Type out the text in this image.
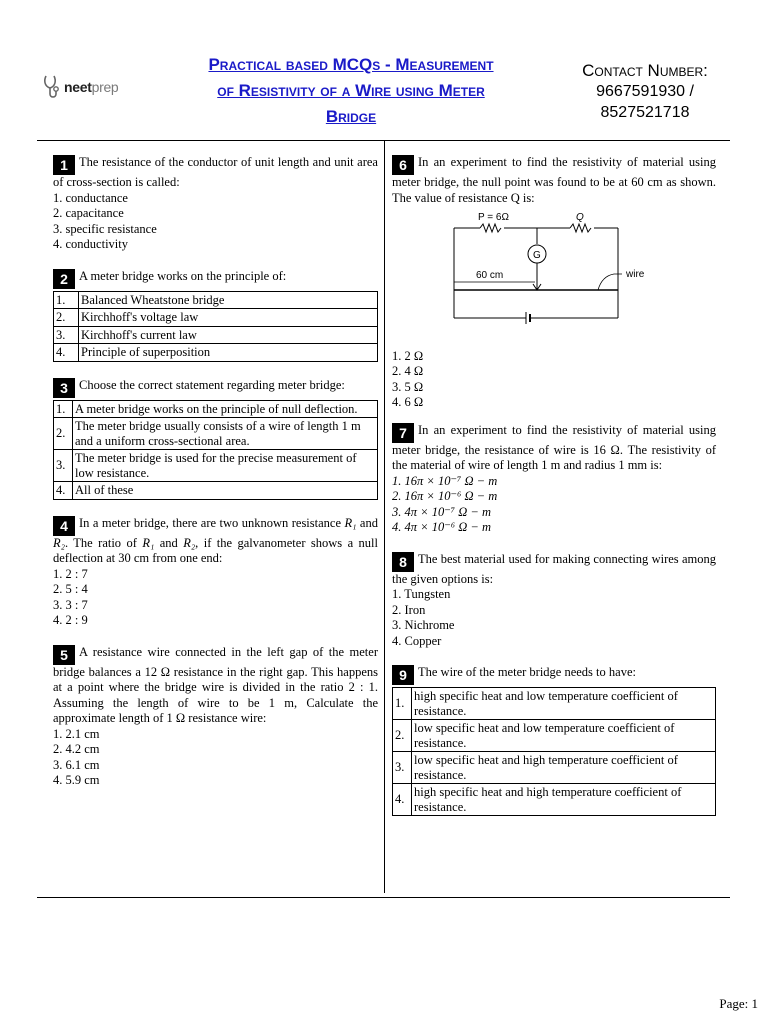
neetprep
Practical based MCQs - Measurement
of Resistivity of a Wire using Meter
Bridge
Contact Number:
9667591930 /
8527521718
1 The resistance of the conductor of unit length and unit area of cross-section is called:
1. conductance
2. capacitance
3. specific resistance
4. conductivity
2 A meter bridge works on the principle of:
1.	Balanced Wheatstone bridge
2.	Kirchhoff's voltage law
3.	Kirchhoff's current law
4.	Principle of superposition
3 Choose the correct statement regarding meter bridge:
1.	A meter bridge works on the principle of null deflection.
2.	The meter bridge usually consists of a wire of length 1 m and a uniform cross-sectional area.
3.	The meter bridge is used for the precise measurement of low resistance.
4.	All of these
4 In a meter bridge, there are two unknown resistance R₁ and R₂. The ratio of R₁ and R₂, if the galvanometer shows a null deflection at 30 cm from one end:
1. 2 : 7
2. 5 : 4
3. 3 : 7
4. 2 : 9
5 A resistance wire connected in the left gap of the meter bridge balances a 12 Ω resistance in the right gap. This happens at a point where the bridge wire is divided in the ratio 2 : 1. Assuming the length of wire to be 1 m, Calculate the approximate length of 1 Ω resistance wire:
1. 2.1 cm
2. 4.2 cm
3. 6.1 cm
4. 5.9 cm
6 In an experiment to find the resistivity of material using meter bridge, the null point was found to be at 60 cm as shown. The value of resistance Q is:
P = 6Ω	Q
G
60 cm	wire
1. 2 Ω
2. 4 Ω
3. 5 Ω
4. 6 Ω
7 In an experiment to find the resistivity of material using meter bridge, the resistance of wire is 16 Ω. The resistivity of the material of wire of length 1 m and radius 1 mm is:
1. 16π × 10⁻⁷ Ω − m
2. 16π × 10⁻⁶ Ω − m
3. 4π × 10⁻⁷ Ω − m
4. 4π × 10⁻⁶ Ω − m
8 The best material used for making connecting wires among the given options is:
1. Tungsten
2. Iron
3. Nichrome
4. Copper
9 The wire of the meter bridge needs to have:
1.	high specific heat and low temperature coefficient of resistance.
2.	low specific heat and low temperature coefficient of resistance.
3.	low specific heat and high temperature coefficient of resistance.
4.	high specific heat and high temperature coefficient of resistance.
Page: 1
